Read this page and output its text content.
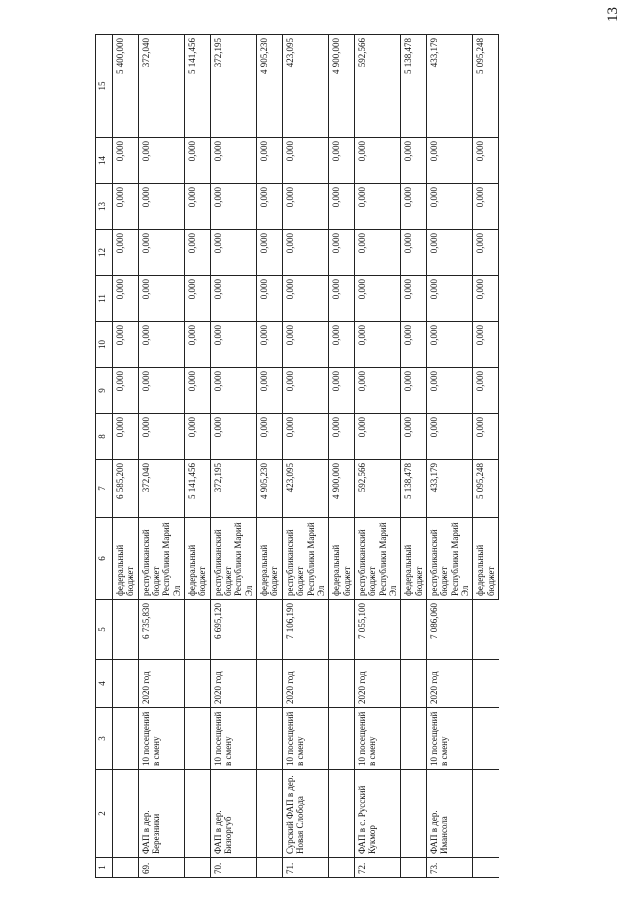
13
1	2	3	4	5	6	7	8	9	10	11	12	13	14	15
					федеральный бюджет	6 585,200	0,000	0,000	0,000	0,000	0,000	0,000	0,000	5 400,000
69.	ФАП в дер. Березники	10 посещений в смену	2020 год	6 735,830	республиканский бюджет Республики Марий Эл	372,040	0,000	0,000	0,000	0,000	0,000	0,000	0,000	372,040
					федеральный бюджет	5 141,456	0,000	0,000	0,000	0,000	0,000	0,000	0,000	5 141,456
70.	ФАП в дер. Бизюргуб	10 посещений в смену	2020 год	6 695,120	республиканский бюджет Республики Марий Эл	372,195	0,000	0,000	0,000	0,000	0,000	0,000	0,000	372,195
					федеральный бюджет	4 905,230	0,000	0,000	0,000	0,000	0,000	0,000	0,000	4 905,230
71.	Сурский ФАП в дер. Новая Слобода	10 посещений в смену	2020 год	7 106,190	республиканский бюджет Республики Марий Эл	423,095	0,000	0,000	0,000	0,000	0,000	0,000	0,000	423,095
					федеральный бюджет	4 900,000	0,000	0,000	0,000	0,000	0,000	0,000	0,000	4 900,000
72.	ФАП в с. Русский Кукмор	10 посещений в смену	2020 год	7 055,100	республиканский бюджет Республики Марий Эл	592,566	0,000	0,000	0,000	0,000	0,000	0,000	0,000	592,566
					федеральный бюджет	5 138,478	0,000	0,000	0,000	0,000	0,000	0,000	0,000	5 138,478
73.	ФАП в дер. Имансола	10 посещений в смену	2020 год	7 086,060	республиканский бюджет Республики Марий Эл	433,179	0,000	0,000	0,000	0,000	0,000	0,000	0,000	433,179
					федеральный бюджет	5 095,248	0,000	0,000	0,000	0,000	0,000	0,000	0,000	5 095,248
